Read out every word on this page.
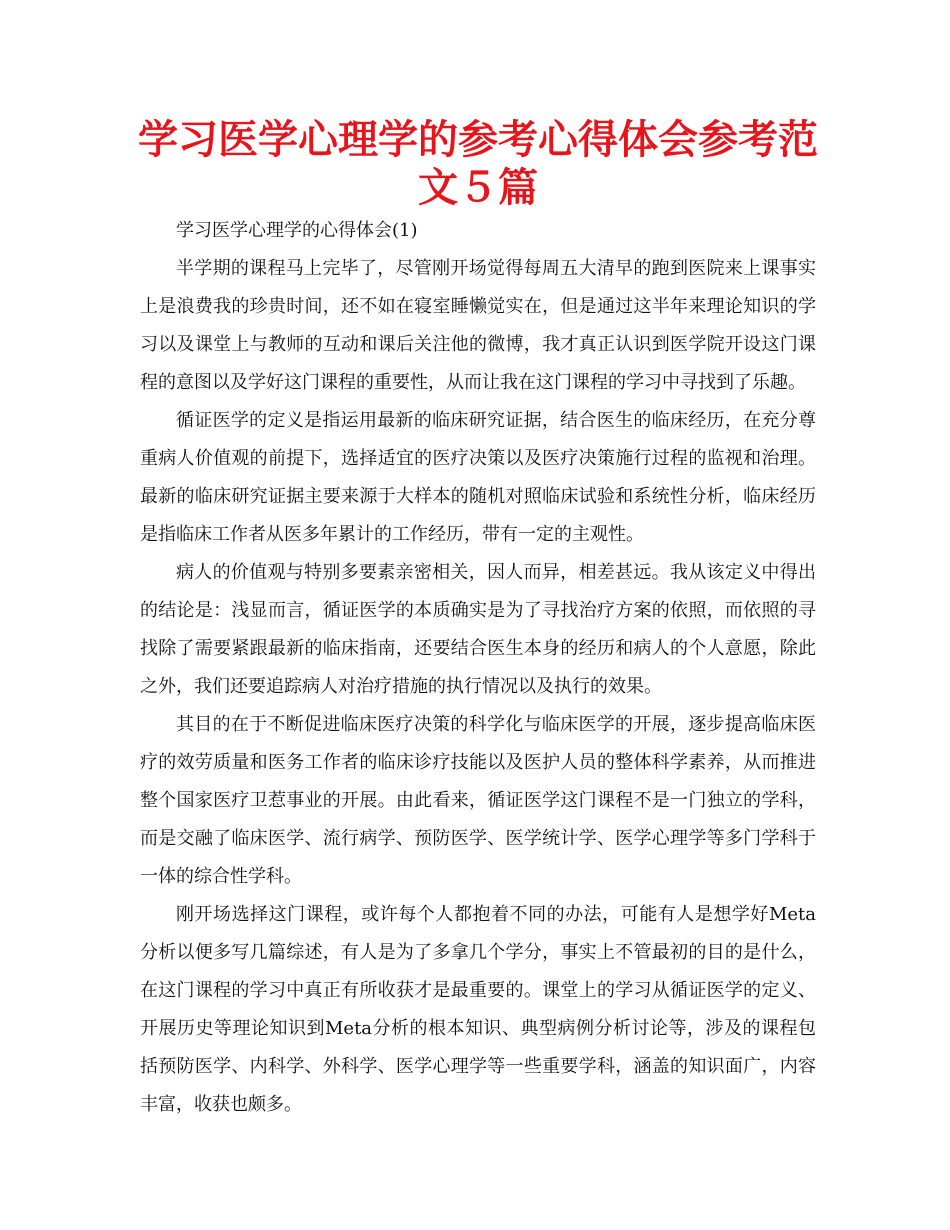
学习医学心理学的参考心得体会参考范文５篇

学习医学心理学的心得体会(1)

半学期的课程马上完毕了，尽管刚开场觉得每周五大清早的跑到医院来上课事实上是浪费我的珍贵时间，还不如在寝室睡懒觉实在，但是通过这半年来理论知识的学习以及课堂上与教师的互动和课后关注他的微博，我才真正认识到医学院开设这门课程的意图以及学好这门课程的重要性，从而让我在这门课程的学习中寻找到了乐趣。

循证医学的定义是指运用最新的临床研究证据，结合医生的临床经历，在充分尊重病人价值观的前提下，选择适宜的医疗决策以及医疗决策施行过程的监视和治理。最新的临床研究证据主要来源于大样本的随机对照临床试验和系统性分析，临床经历是指临床工作者从医多年累计的工作经历，带有一定的主观性。

病人的价值观与特别多要素亲密相关，因人而异，相差甚远。我从该定义中得出的结论是：浅显而言，循证医学的本质确实是为了寻找治疗方案的依照，而依照的寻找除了需要紧跟最新的临床指南，还要结合医生本身的经历和病人的个人意愿，除此之外，我们还要追踪病人对治疗措施的执行情况以及执行的效果。

其目的在于不断促进临床医疗决策的科学化与临床医学的开展，逐步提高临床医疗的效劳质量和医务工作者的临床诊疗技能以及医护人员的整体科学素养，从而推进整个国家医疗卫惹事业的开展。由此看来，循证医学这门课程不是一门独立的学科，而是交融了临床医学、流行病学、预防医学、医学统计学、医学心理学等多门学科于一体的综合性学科。

刚开场选择这门课程，或许每个人都抱着不同的办法，可能有人是想学好Meta分析以便多写几篇综述，有人是为了多拿几个学分，事实上不管最初的目的是什么，在这门课程的学习中真正有所收获才是最重要的。课堂上的学习从循证医学的定义、开展历史等理论知识到Meta分析的根本知识、典型病例分析讨论等，涉及的课程包括预防医学、内科学、外科学、医学心理学等一些重要学科，涵盖的知识面广，内容丰富，收获也颇多。
